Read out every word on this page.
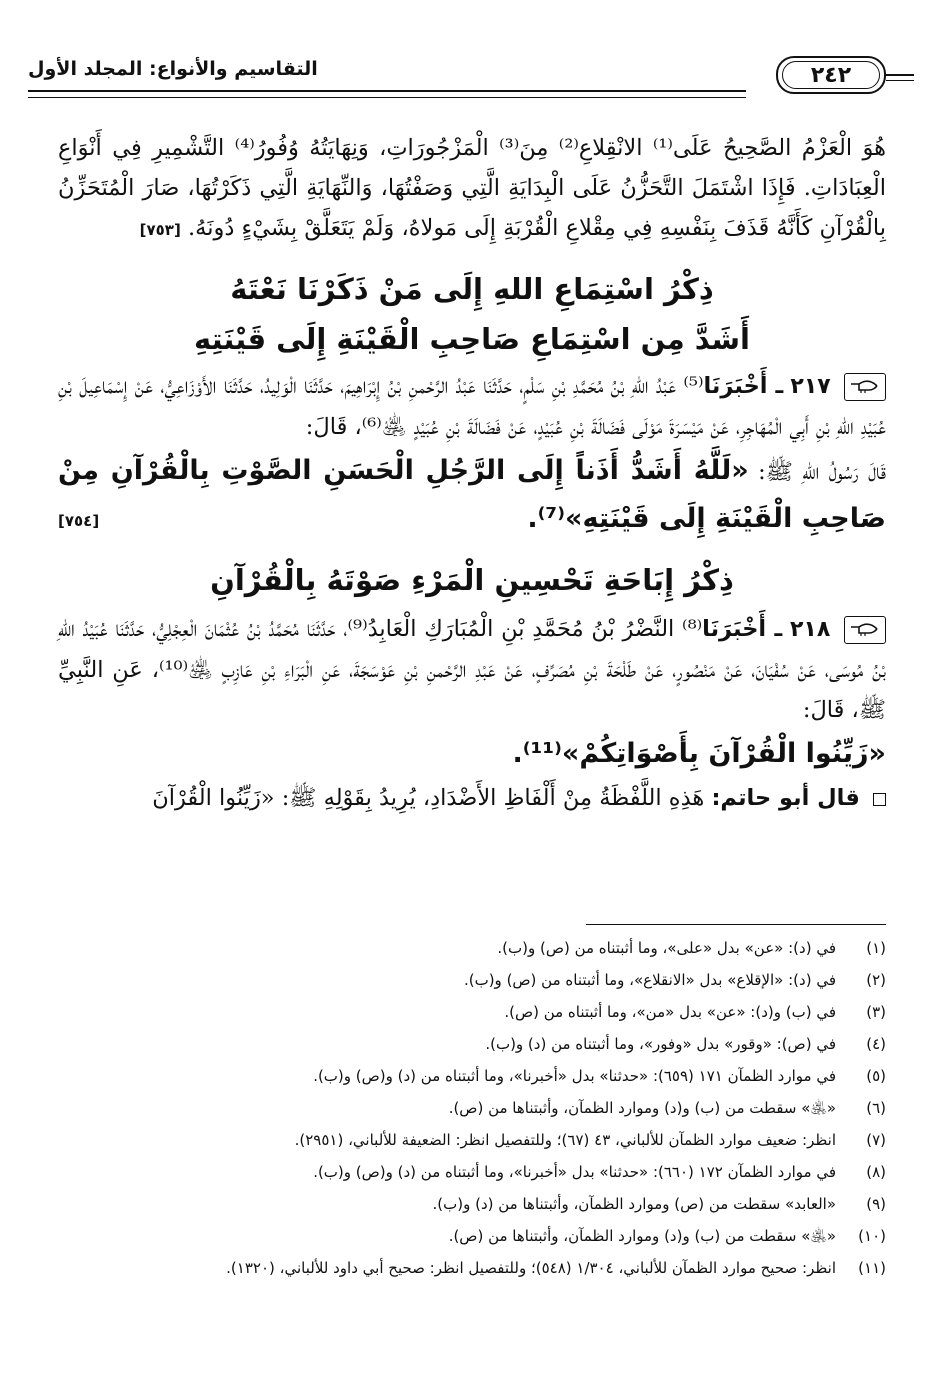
التقاسيم والأنواع: المجلد الأول	٢٤٢

هُوَ الْعَزْمُ الصَّحِيحُ عَلَى⁽¹⁾ الانْقِلاعِ⁽²⁾ مِنَ⁽³⁾ الْمَزْجُورَاتِ، وَنِهَايَتُهُ وُفُورُ⁽⁴⁾ التَّشْمِيرِ فِي أَنْوَاعِ الْعِبَادَاتِ. فَإِذَا اشْتَمَلَ التَّحَزُّنُ عَلَى الْبِدَايَةِ الَّتِي وَصَفْتُهَا، وَالنِّهَايَةِ الَّتِي ذَكَرْتُهَا، صَارَ الْمُتَحَزِّنُ بِالْقُرْآنِ كَأَنَّهُ قَذَفَ بِنَفْسِهِ فِي مِقْلاعِ الْقُرْبَةِ إِلَى مَولاهُ، وَلَمْ يَتَعَلَّقْ بِشَيْءٍ دُونَهُ. [٧٥٣]

ذِكْرُ اسْتِمَاعِ اللهِ إِلَى مَنْ ذَكَرْنَا نَعْتَهُ
أَشَدَّ مِن اسْتِمَاعِ صَاحِبِ الْقَيْنَةِ إِلَى قَيْنَتِهِ

٢١٧ ـ أَخْبَرَنَا⁽⁵⁾ عَبْدُ اللهِ بْنُ مُحَمَّدِ بْنِ سَلْمٍ، حَدَّثَنَا عَبْدُ الرَّحْمنِ بْنُ إِبْرَاهِيمَ، حَدَّثَنَا الْوَلِيدُ، حَدَّثَنَا الأَوْزَاعِيُّ، عَنْ إِسْمَاعِيلَ بْنِ عُبَيْدِ اللهِ بْنِ أَبِي الْمُهَاجِرِ، عَنْ مَيْسَرَةَ مَوْلَى فَضَالَةَ بْنِ عُبَيْدٍ، عَنْ فَضَالَةَ بْنِ عُبَيْدٍ ﵁⁽⁶⁾، قَالَ:

قَالَ رَسُولُ اللهِ ﷺ: «لَلَّهُ أَشَدُّ أَذَناً إِلَى الرَّجُلِ الْحَسَنِ الصَّوْتِ بِالْقُرْآنِ مِنْ صَاحِبِ الْقَيْنَةِ إِلَى قَيْنَتِهِ»⁽⁷⁾.
[٧٥٤]

ذِكْرُ إِبَاحَةِ تَحْسِينِ الْمَرْءِ صَوْتَهُ بِالْقُرْآنِ

٢١٨ ـ أَخْبَرَنَا⁽⁸⁾ النَّضْرُ بْنُ مُحَمَّدِ بْنِ الْمُبَارَكِ الْعَابِدُ⁽⁹⁾، حَدَّثَنَا مُحَمَّدُ بْنُ عُثْمَانَ الْعِجْلِيُّ، حَدَّثَنَا عُبَيْدُ اللهِ بْنُ مُوسَى، عَنْ سُفْيَانَ، عَنْ مَنْصُورٍ، عَنْ طَلْحَةَ بْنِ مُصَرِّفٍ، عَنْ عَبْدِ الرَّحْمنِ بْنِ عَوْسَجَةَ، عَنِ الْبَرَاءِ بْنِ عَازِبٍ ﵁⁽¹⁰⁾، عَنِ النَّبِيِّ ﷺ، قَالَ:

«زَيِّنُوا الْقُرْآنَ بِأَصْوَاتِكُمْ»⁽¹¹⁾.

قال أبو حاتم: هَذِهِ اللَّفْظَةُ مِنْ أَلْفَاظِ الأَضْدَادِ، يُرِيدُ بِقَوْلِهِ ﷺ: «زَيِّنُوا الْقُرْآنَ

(١)
في (د): «عن» بدل «على»، وما أثبتناه من (ص) و(ب).
(٢)
في (د): «الإقلاع» بدل «الانقلاع»، وما أثبتناه من (ص) و(ب).
(٣)
في (ب) و(د): «عن» بدل «من»، وما أثبتناه من (ص).
(٤)
في (ص): «وقور» بدل «وفور»، وما أثبتناه من (د) و(ب).
(٥)
في موارد الظمآن ١٧١ (٦٥٩): «حدثنا» بدل «أخبرنا»، وما أثبتناه من (د) و(ص) و(ب).
(٦)
«﵁» سقطت من (ب) و(د) وموارد الظمآن، وأثبتناها من (ص).
(٧)
انظر: ضعيف موارد الظمآن للألباني، ٤٣ (٦٧)؛ وللتفصيل انظر: الضعيفة للألباني، (٢٩٥١).
(٨)
في موارد الظمآن ١٧٢ (٦٦٠): «حدثنا» بدل «أخبرنا»، وما أثبتناه من (د) و(ص) و(ب).
(٩)
«العابد» سقطت من (ص) وموارد الظمآن، وأثبتناها من (د) و(ب).
(١٠)
«﵁» سقطت من (ب) و(د) وموارد الظمآن، وأثبتناها من (ص).
(١١)
انظر: صحيح موارد الظمآن للألباني، ١/٣٠٤ (٥٤٨)؛ وللتفصيل انظر: صحيح أبي داود للألباني، (١٣٢٠).
